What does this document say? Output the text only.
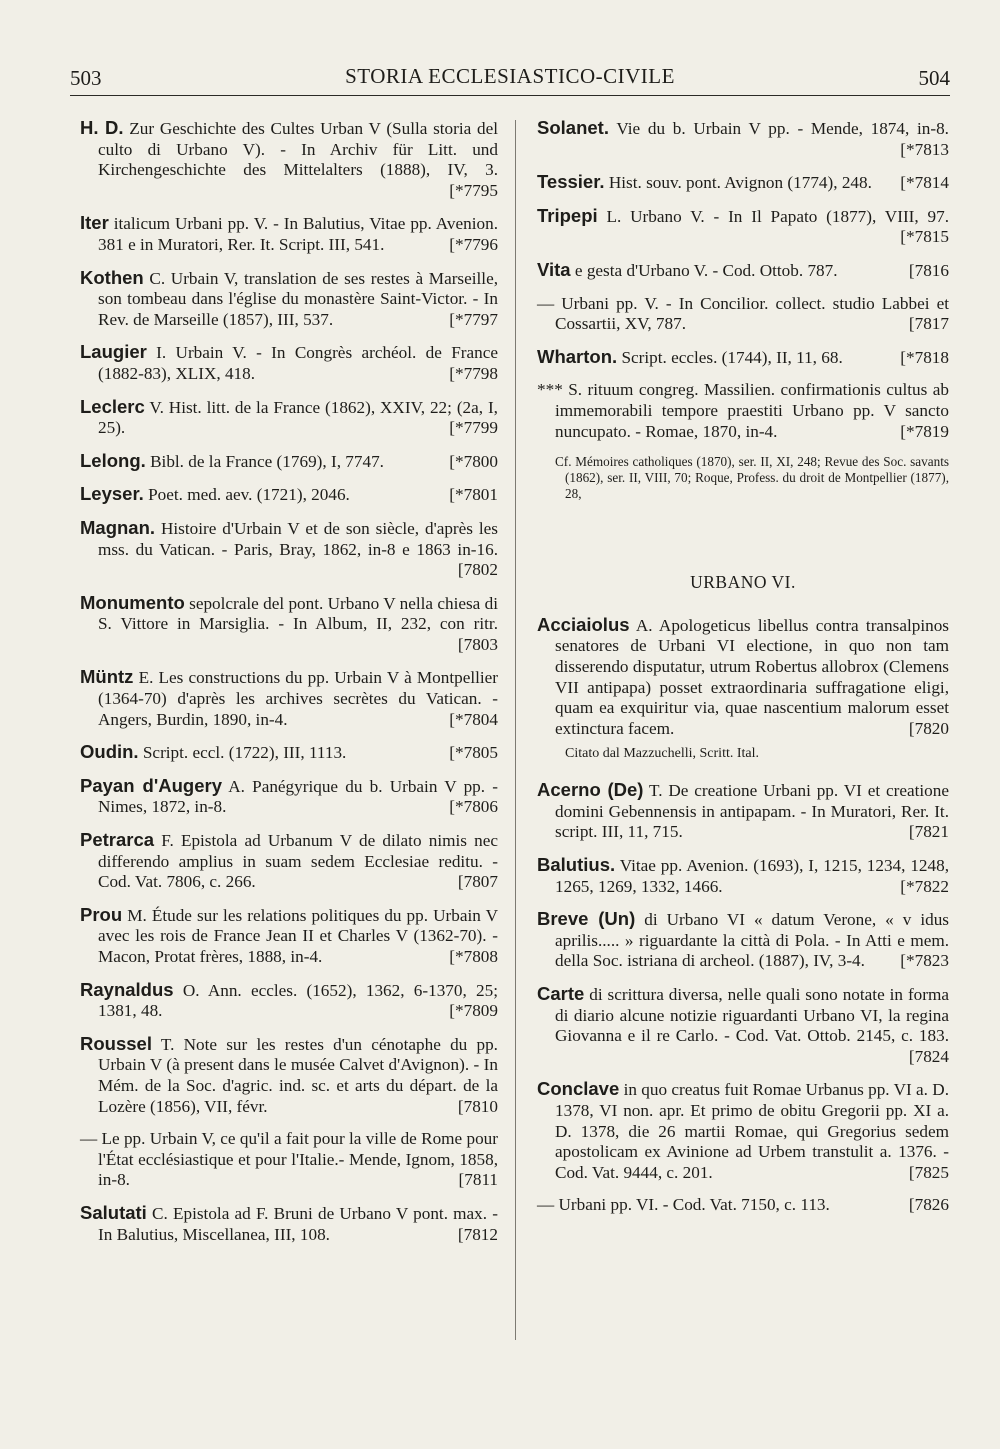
503	STORIA ECCLESIASTICO-CIVILE	504
H. D. Zur Geschichte des Cultes Urban V (Sulla storia del culto di Urbano V). - In Archiv für Litt. und Kirchengeschichte des Mittelalters (1888), IV, 3.
[*7795
Iter italicum Urbani pp. V. - In Balutius, Vitae pp. Avenion. 381 e in Muratori, Rer. It. Script. III, 541.	[*7796
Kothen C. Urbain V, translation de ses restes à Marseille, son tombeau dans l'église du monastère Saint-Victor. - In Rev. de Marseille (1857), III, 537.	[*7797
Laugier I. Urbain V. - In Congrès archéol. de France (1882-83), XLIX, 418.	[*7798
Leclerc V. Hist. litt. de la France (1862), XXIV, 22; (2a, I, 25).	[*7799
Lelong. Bibl. de la France (1769), I, 7747.	[*7800
Leyser. Poet. med. aev. (1721), 2046.	[*7801
Magnan. Histoire d'Urbain V et de son siècle, d'après les mss. du Vatican. - Paris, Bray, 1862, in-8 e 1863 in-16.
[7802
Monumento sepolcrale del pont. Urbano V nella chiesa di S. Vittore in Marsiglia. - In Album, II, 232, con ritr.
[7803
Müntz E. Les constructions du pp. Urbain V à Montpellier (1364-70) d'après les archives secrètes du Vatican. - Angers, Burdin, 1890, in-4.	[*7804
Oudin. Script. eccl. (1722), III, 1113.	[*7805
Payan d'Augery A. Panégyrique du b. Urbain V pp. - Nimes, 1872, in-8.	[*7806
Petrarca F. Epistola ad Urbanum V de dilato nimis nec differendo amplius in suam sedem Ecclesiae reditu. - Cod. Vat. 7806, c. 266.	[7807
Prou M. Étude sur les relations politiques du pp. Urbain V avec les rois de France Jean II et Charles V (1362-70). - Macon, Protat frères, 1888, in-4.	[*7808
Raynaldus O. Ann. eccles. (1652), 1362, 6-1370, 25; 1381, 48.	[*7809
Roussel T. Note sur les restes d'un cénotaphe du pp. Urbain V (à present dans le musée Calvet d'Avignon). - In Mém. de la Soc. d'agric. ind. sc. et arts du départ. de la Lozère (1856), VII, févr.	[7810
— Le pp. Urbain V, ce qu'il a fait pour la ville de Rome pour l'État ecclésiastique et pour l'Italie.- Mende, Ignom, 1858, in-8.	[7811
Salutati C. Epistola ad F. Bruni de Urbano V pont. max. - In Balutius, Miscellanea, III, 108.	[7812
Solanet. Vie du b. Urbain V pp. - Mende, 1874, in-8.
[*7813
Tessier. Hist. souv. pont. Avignon (1774), 248. [*7814
Tripepi L. Urbano V. - In Il Papato (1877), VIII, 97.
[*7815
Vita e gesta d'Urbano V. - Cod. Ottob. 787.	[7816
— Urbani pp. V. - In Concilior. collect. studio Labbei et Cossartii, XV, 787.	[7817
Wharton. Script. eccles. (1744), II, 11, 68.	[*7818
*** S. rituum congreg. Massilien. confirmationis cultus ab immemorabili tempore praestiti Urbano pp. V sancto nuncupato. - Romae, 1870, in-4.	[*7819
Cf. Mémoires catholiques (1870), ser. II, XI, 248; Revue des Soc. savants (1862), ser. II, VIII, 70; Roque, Profess. du droit de Montpellier (1877), 28,
URBANO VI.
Acciaiolus A. Apologeticus libellus contra transalpinos senatores de Urbani VI electione, in quo non tam disserendo disputatur, utrum Robertus allobrox (Clemens VII antipapa) posset extraordinaria suffragatione eligi, quam ea exquiritur via, quae nascentium malorum esset extinctura facem.	[7820
Citato dal Mazzuchelli, Scritt. Ital.
Acerno (De) T. De creatione Urbani pp. VI et creatione domini Gebennensis in antipapam. - In Muratori, Rer. It. script. III, 11, 715.	[7821
Balutius. Vitae pp. Avenion. (1693), I, 1215, 1234, 1248, 1265, 1269, 1332, 1466.	[*7822
Breve (Un) di Urbano VI « datum Verone, « v idus aprilis..... » riguardante la città di Pola. - In Atti e mem. della Soc. istriana di archeol. (1887), IV, 3-4. [*7823
Carte di scrittura diversa, nelle quali sono notate in forma di diario alcune notizie riguardanti Urbano VI, la regina Giovanna e il re Carlo. - Cod. Vat. Ottob. 2145, c. 183.
[7824
Conclave in quo creatus fuit Romae Urbanus pp. VI a. D. 1378, VI non. apr. Et primo de obitu Gregorii pp. XI a. D. 1378, die 26 martii Romae, qui Gregorius sedem apostolicam ex Avinione ad Urbem transtulit a. 1376. - Cod. Vat. 9444, c. 201.	[7825
— Urbani pp. VI. - Cod. Vat. 7150, c. 113.	[7826
